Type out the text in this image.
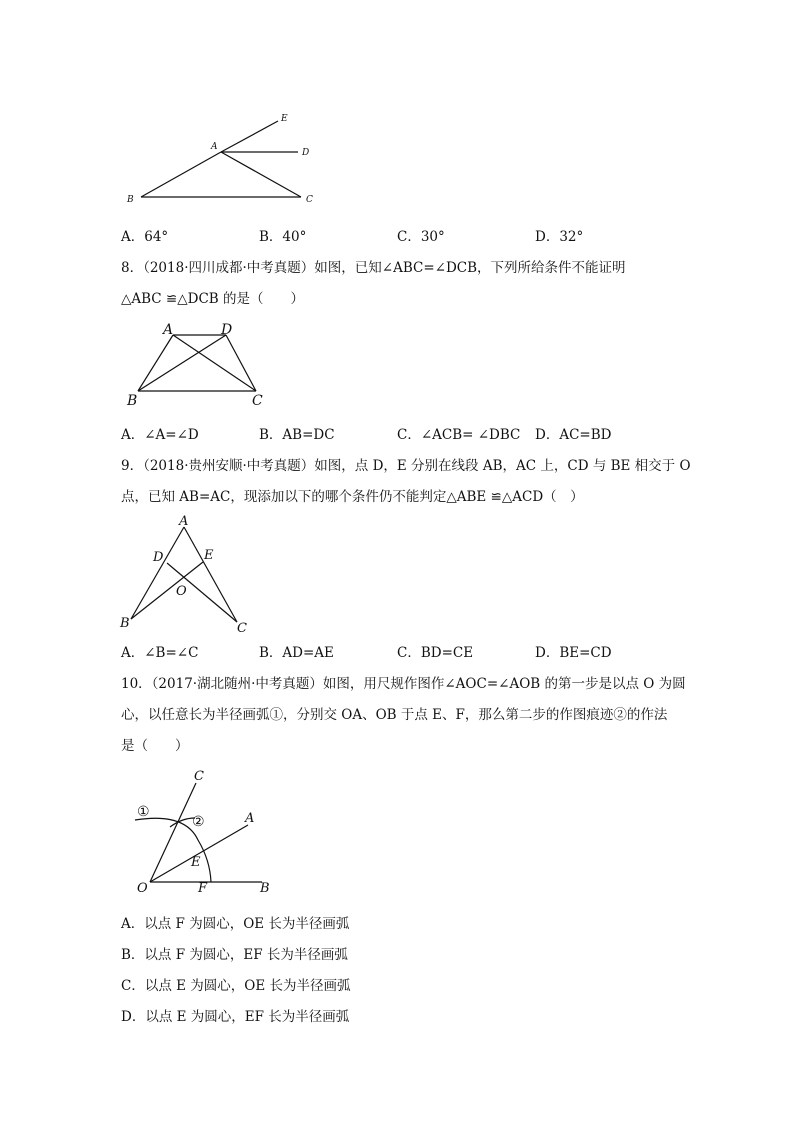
E
A
D
B	C
A．64°	B．40°	C．30°	D．32°
8．（2018·四川成都·中考真题）如图，已知∠ABC=∠DCB，下列所给条件不能证明
△ABC ≌△DCB 的是（　　）
A	D
B	C
A．∠A=∠D	B．AB=DC	C．∠ACB= ∠DBC D．AC=BD
9．（2018·贵州安顺·中考真题）如图，点 D，E 分别在线段 AB，AC 上，CD 与 BE 相交于 O
点，已知 AB=AC，现添加以下的哪个条件仍不能判定△ABE ≌△ACD（　）
A
D	E
O
B	C
A．∠B=∠C	B．AD=AE	C．BD=CE	D．BE=CD
10．（2017·湖北随州·中考真题）如图，用尺规作图作∠AOC=∠AOB 的第一步是以点 O 为圆
心，以任意长为半径画弧①，分别交 OA、OB 于点 E、F，那么第二步的作图痕迹②的作法
是（　　）
C
A
①
②
E
O	F	B
A．以点 F 为圆心，OE 长为半径画弧
B．以点 F 为圆心，EF 长为半径画弧
C．以点 E 为圆心，OE 长为半径画弧
D．以点 E 为圆心，EF 长为半径画弧
